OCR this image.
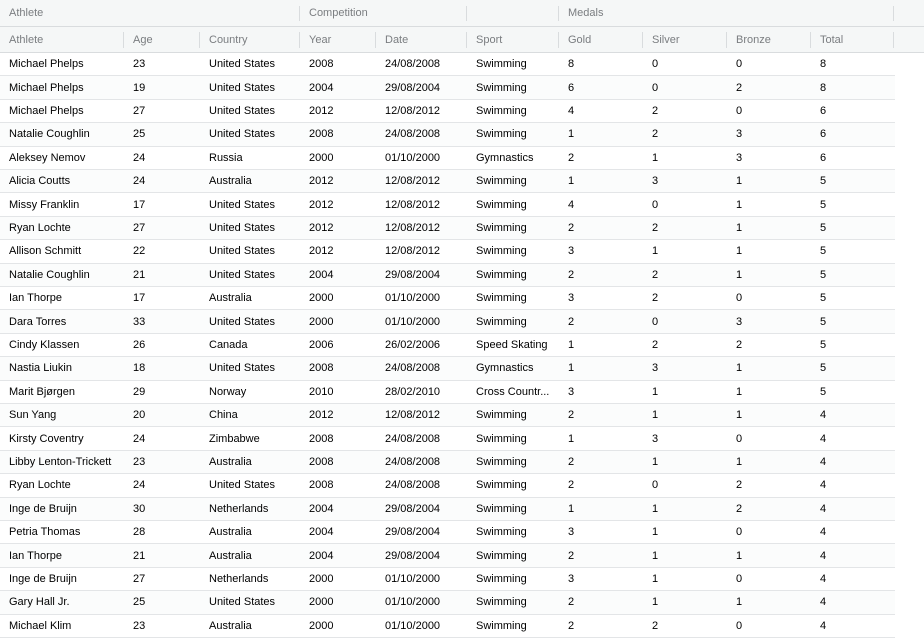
Athlete	Competition	Medals
Athlete	Age	Country	Year	Date	Sport	Gold	Silver	Bronze	Total
Michael Phelps	23	United States	2008	24/08/2008	Swimming	8	0	0	8
Michael Phelps	19	United States	2004	29/08/2004	Swimming	6	0	2	8
Michael Phelps	27	United States	2012	12/08/2012	Swimming	4	2	0	6
Natalie Coughlin	25	United States	2008	24/08/2008	Swimming	1	2	3	6
Aleksey Nemov	24	Russia	2000	01/10/2000	Gymnastics	2	1	3	6
Alicia Coutts	24	Australia	2012	12/08/2012	Swimming	1	3	1	5
Missy Franklin	17	United States	2012	12/08/2012	Swimming	4	0	1	5
Ryan Lochte	27	United States	2012	12/08/2012	Swimming	2	2	1	5
Allison Schmitt	22	United States	2012	12/08/2012	Swimming	3	1	1	5
Natalie Coughlin	21	United States	2004	29/08/2004	Swimming	2	2	1	5
Ian Thorpe	17	Australia	2000	01/10/2000	Swimming	3	2	0	5
Dara Torres	33	United States	2000	01/10/2000	Swimming	2	0	3	5
Cindy Klassen	26	Canada	2006	26/02/2006	Speed Skating	1	2	2	5
Nastia Liukin	18	United States	2008	24/08/2008	Gymnastics	1	3	1	5
Marit Bjørgen	29	Norway	2010	28/02/2010	Cross Countr...	3	1	1	5
Sun Yang	20	China	2012	12/08/2012	Swimming	2	1	1	4
Kirsty Coventry	24	Zimbabwe	2008	24/08/2008	Swimming	1	3	0	4
Libby Lenton-Trickett	23	Australia	2008	24/08/2008	Swimming	2	1	1	4
Ryan Lochte	24	United States	2008	24/08/2008	Swimming	2	0	2	4
Inge de Bruijn	30	Netherlands	2004	29/08/2004	Swimming	1	1	2	4
Petria Thomas	28	Australia	2004	29/08/2004	Swimming	3	1	0	4
Ian Thorpe	21	Australia	2004	29/08/2004	Swimming	2	1	1	4
Inge de Bruijn	27	Netherlands	2000	01/10/2000	Swimming	3	1	0	4
Gary Hall Jr.	25	United States	2000	01/10/2000	Swimming	2	1	1	4
Michael Klim	23	Australia	2000	01/10/2000	Swimming	2	2	0	4
